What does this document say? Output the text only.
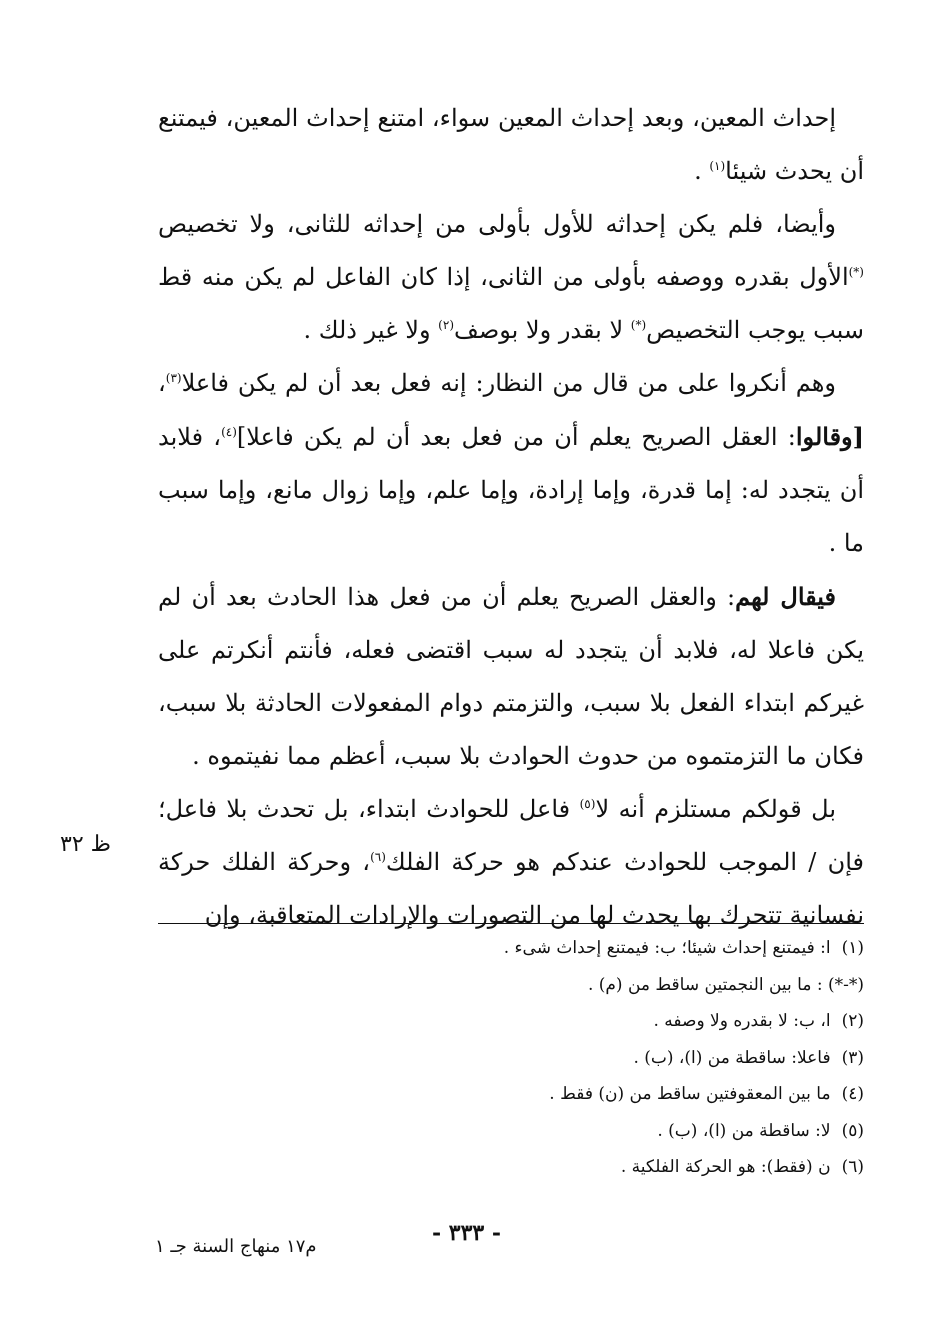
إحداث المعين، وبعد إحداث المعين سواء، امتنع إحداث المعين، فيمتنع أن يحدث شيئا$^{(١)}$ .

وأيضا، فلم يكن إحداثه للأول بأولى من إحداثه للثانى، ولا تخصيص (*)الأول بقدره ووصفه بأولى من الثانى، إذا كان الفاعل لم يكن منه قط سبب يوجب التخصيص(*) لا بقدر ولا بوصف$^{(٢)}$ ولا غير ذلك .

وهم أنكروا على من قال من النظار: إنه فعل بعد أن لم يكن فاعلا$^{(٣)}$، [وقالوا: العقل الصريح يعلم أن من فعل بعد أن لم يكن فاعلا]$^{(٤)}$، فلابد أن يتجدد له: إما قدرة، وإما إرادة، وإما علم، وإما زوال مانع، وإما سبب ما .

فيقال لهم: والعقل الصريح يعلم أن من فعل هذا الحادث بعد أن لم يكن فاعلا له، فلابد أن يتجدد له سبب اقتضى فعله، فأنتم أنكرتم على غيركم ابتداء الفعل بلا سبب، والتزمتم دوام المفعولات الحادثة بلا سبب، فكان ما التزمتموه من حدوث الحوادث بلا سبب، أعظم مما نفيتموه .

بل قولكم مستلزم أنه لا$^{(٥)}$ فاعل للحوادث ابتداء، بل تحدث بلا فاعل؛ فإن / الموجب للحوادث عندكم هو حركة الفلك$^{(٦)}$، وحركة الفلك حركة نفسانية تتحرك بها يحدث لها من التصورات والإرادات المتعاقبة، وإن

ظ ٣٢
(١) ا: فيمتنع إحداث شيئا؛ ب: فيمتنع إحداث شىء .
(*-*) : ما بين النجمتين ساقط من (م) .
(٢) ا، ب: لا بقدره ولا وصفه .
(٣) فاعلا: ساقطة من (ا)، (ب) .
(٤) ما بين المعقوفتين ساقط من (ن) فقط .
(٥) لا: ساقطة من (ا)، (ب) .
(٦) ن (فقط): هو الحركة الفلكية .
- ٣٣٣ -
م١٧ منهاج السنة جـ ١
